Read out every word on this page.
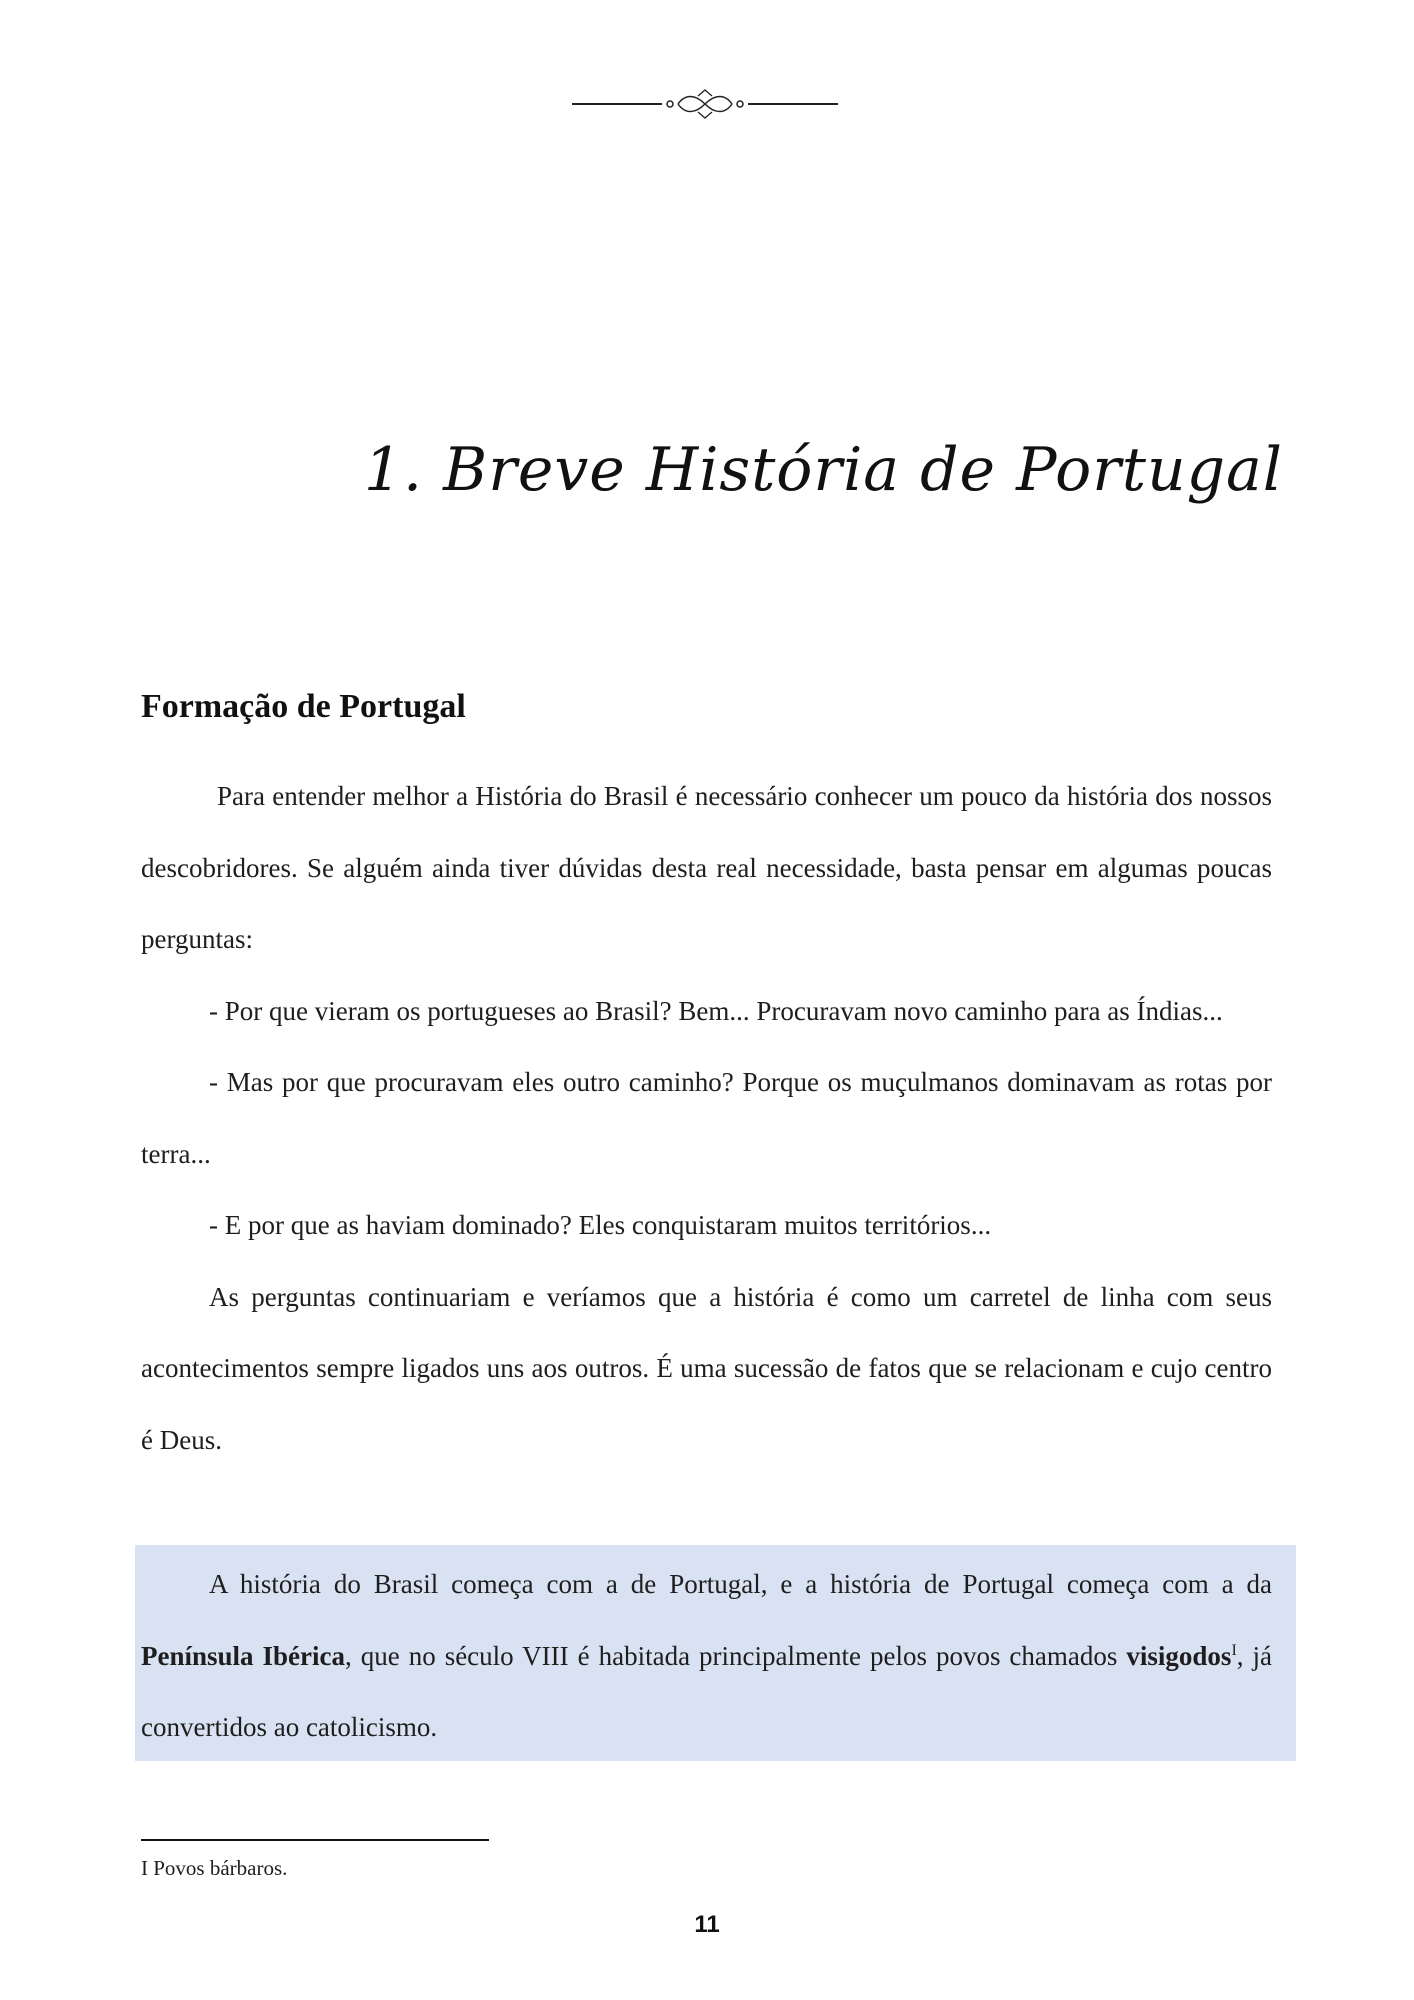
1. Breve História de Portugal
Formação de Portugal

Para entender melhor a História do Brasil é necessário conhecer um pouco da história dos nossos descobridores. Se alguém ainda tiver dúvidas desta real necessidade, basta pensar em algumas poucas perguntas:

- Por que vieram os portugueses ao Brasil? Bem... Procuravam novo caminho para as Índias...

- Mas por que procuravam eles outro caminho? Porque os muçulmanos dominavam as rotas por terra...

- E por que as haviam dominado? Eles conquistaram muitos territórios...

As perguntas continuariam e veríamos que a história é como um carretel de linha com seus acontecimentos sempre ligados uns aos outros. É uma sucessão de fatos que se relacionam e cujo centro é Deus.

A história do Brasil começa com a de Portugal, e a história de Portugal começa com a da Península Ibérica, que no século VIII é habitada principalmente pelos povos chamados visigodos$^I$, já convertidos ao catolicismo.

I Povos bárbaros.
11
